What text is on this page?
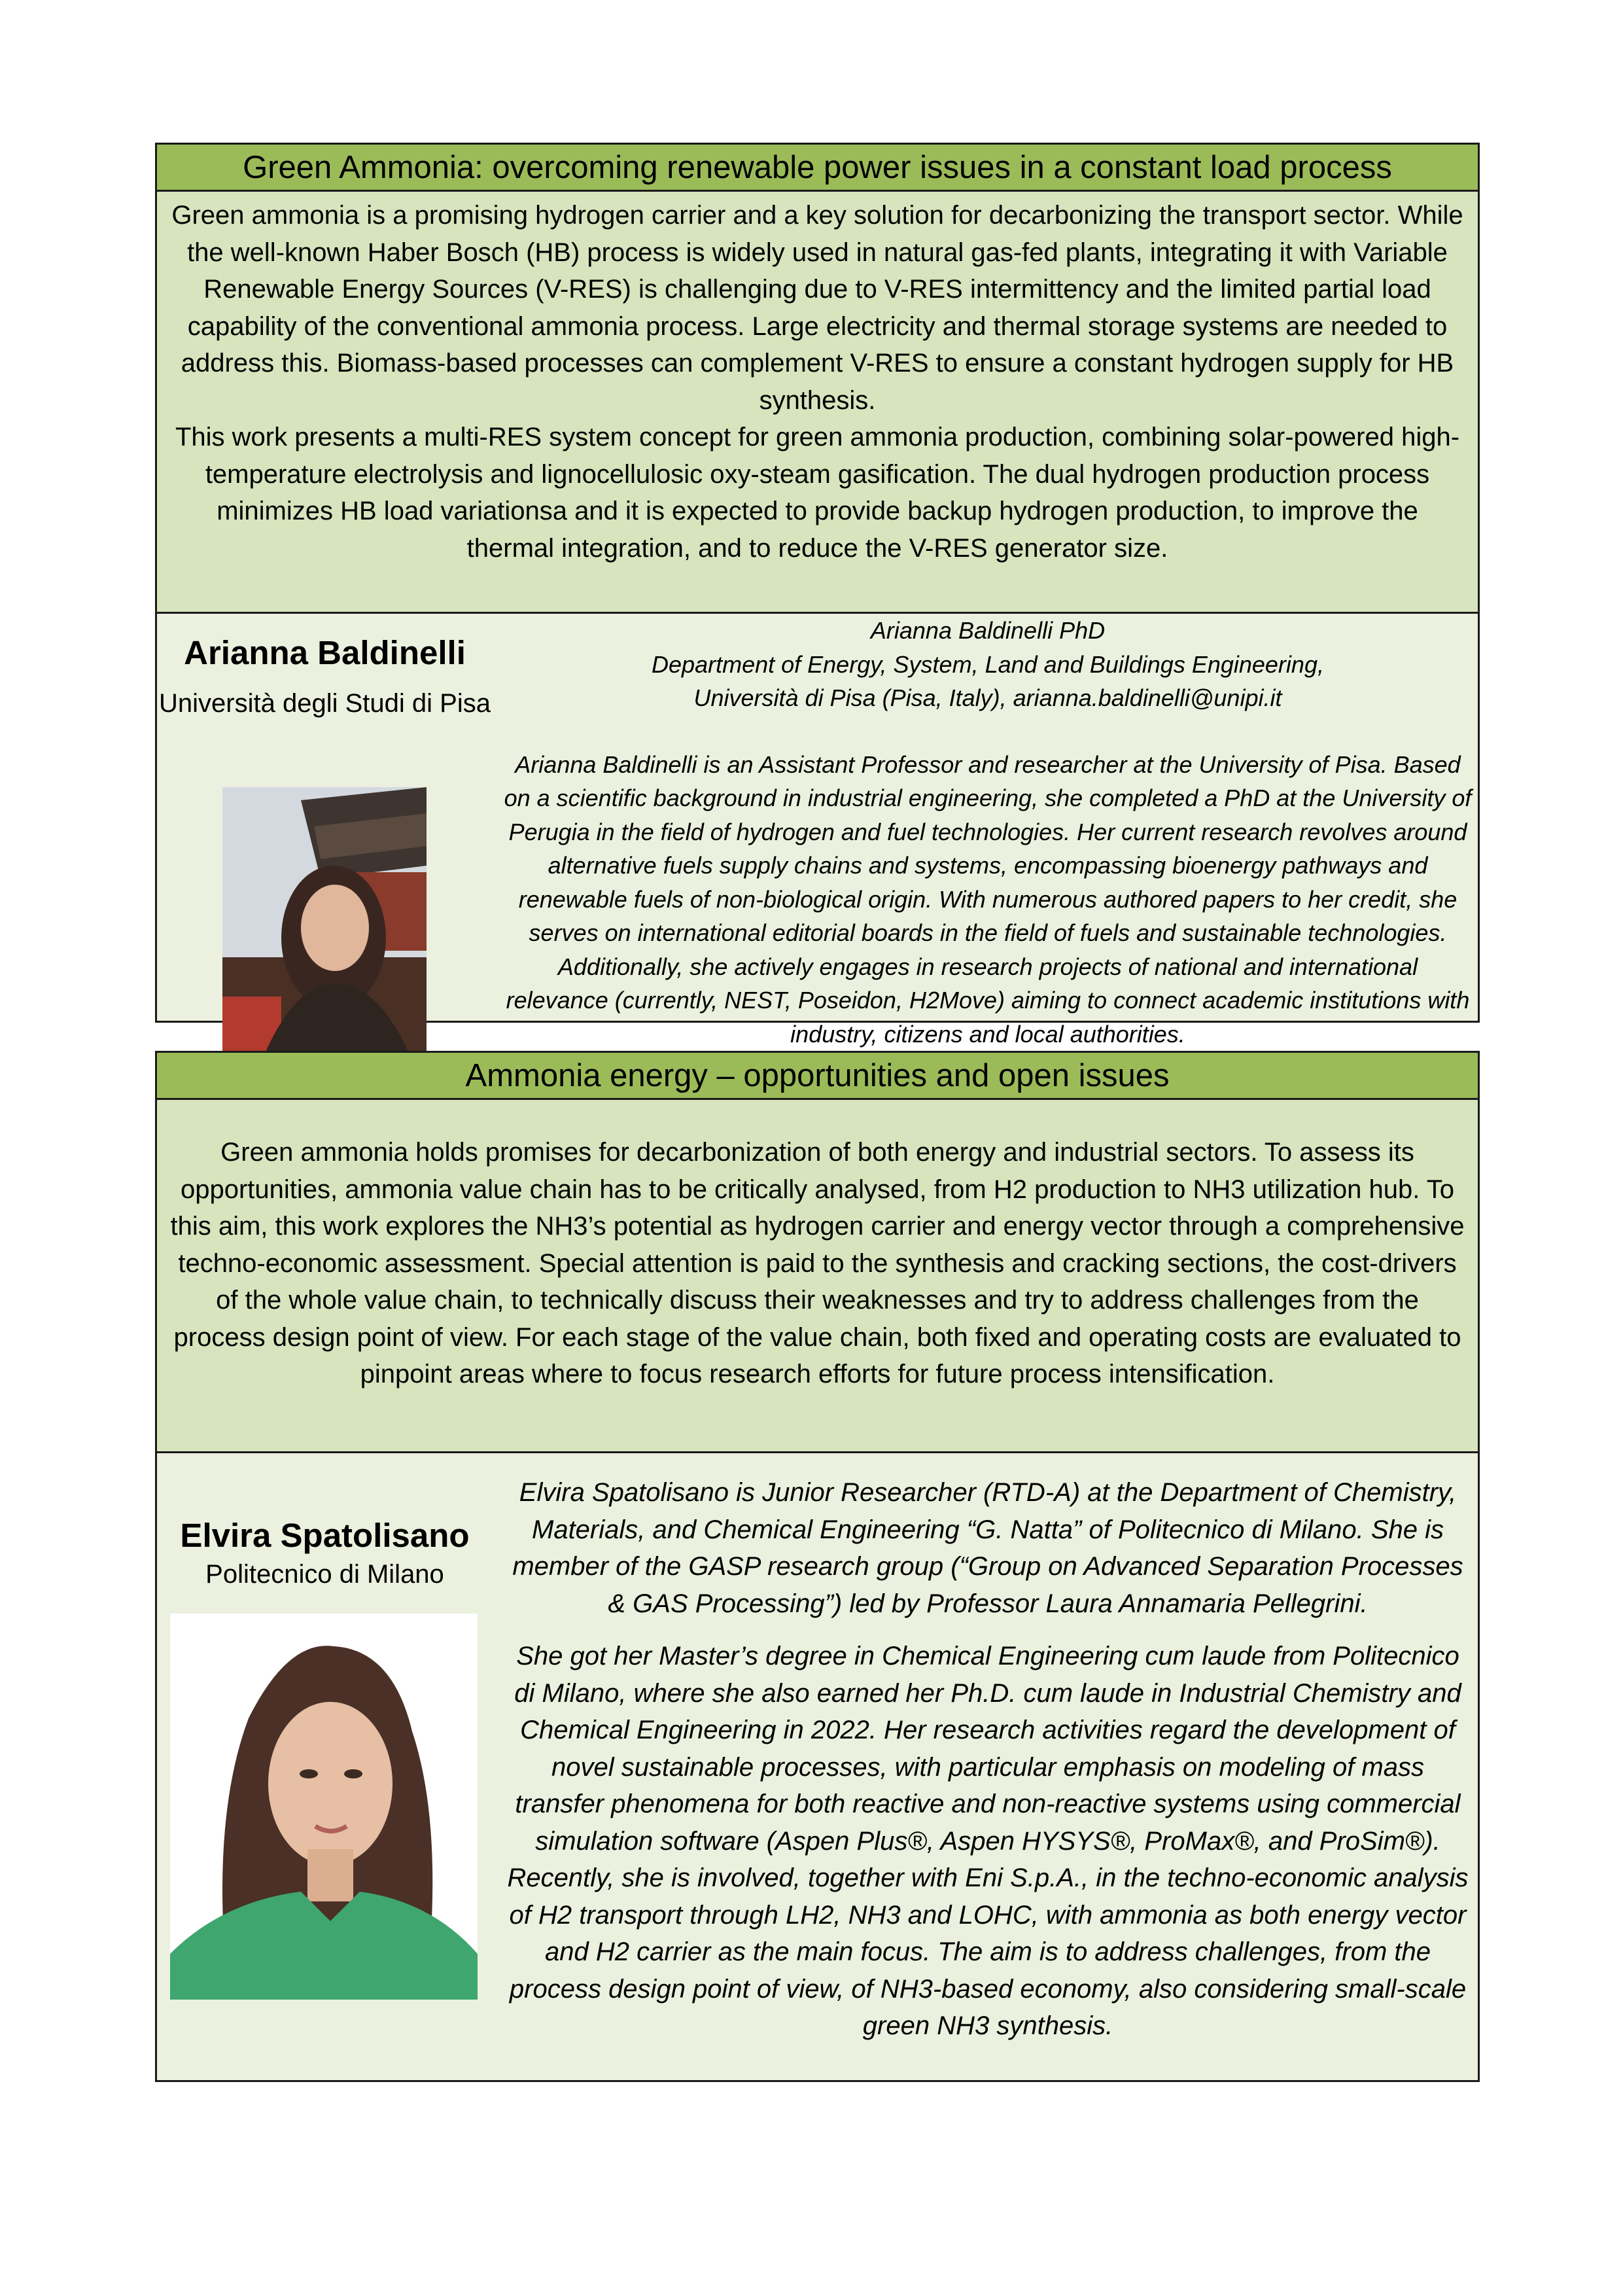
Green Ammonia: overcoming renewable power issues in a constant load process

Green ammonia is a promising hydrogen carrier and a key solution for decarbonizing the transport sector. While the well-known Haber Bosch (HB) process is widely used in natural gas-fed plants, integrating it with Variable Renewable Energy Sources (V-RES) is challenging due to V-RES intermittency and the limited partial load capability of the conventional ammonia process. Large electricity and thermal storage systems are needed to address this. Biomass-based processes can complement V-RES to ensure a constant hydrogen supply for HB synthesis.

This work presents a multi-RES system concept for green ammonia production, combining solar-powered high-temperature electrolysis and lignocellulosic oxy-steam gasification. The dual hydrogen production process minimizes HB load variationsa and it is expected to provide backup hydrogen production, to improve the thermal integration, and to reduce the V-RES generator size.

Arianna Baldinelli
Università degli Studi di Pisa
Arianna Baldinelli PhD
Department of Energy, System, Land and Buildings Engineering,
Università di Pisa (Pisa, Italy), arianna.baldinelli@unipi.it
Arianna Baldinelli is an Assistant Professor and researcher at the University of Pisa. Based on a scientific background in industrial engineering, she completed a PhD at the University of Perugia in the field of hydrogen and fuel technologies. Her current research revolves around alternative fuels supply chains and systems, encompassing bioenergy pathways and renewable fuels of non-biological origin. With numerous authored papers to her credit, she serves on international editorial boards in the field of fuels and sustainable technologies. Additionally, she actively engages in research projects of national and international relevance (currently, NEST, Poseidon, H2Move) aiming to connect academic institutions with industry, citizens and local authorities.
Ammonia energy – opportunities and open issues

Green ammonia holds promises for decarbonization of both energy and industrial sectors. To assess its opportunities, ammonia value chain has to be critically analysed, from H2 production to NH3 utilization hub. To this aim, this work explores the NH3’s potential as hydrogen carrier and energy vector through a comprehensive techno-economic assessment. Special attention is paid to the synthesis and cracking sections, the cost-drivers of the whole value chain, to technically discuss their weaknesses and try to address challenges from the process design point of view. For each stage of the value chain, both fixed and operating costs are evaluated to pinpoint areas where to focus research efforts for future process intensification.

Elvira Spatolisano
Politecnico di Milano

Elvira Spatolisano is Junior Researcher (RTD-A) at the Department of Chemistry, Materials, and Chemical Engineering “G. Natta” of Politecnico di Milano. She is member of the GASP research group (“Group on Advanced Separation Processes & GAS Processing”) led by Professor Laura Annamaria Pellegrini.

She got her Master’s degree in Chemical Engineering cum laude from Politecnico di Milano, where she also earned her Ph.D. cum laude in Industrial Chemistry and Chemical Engineering in 2022. Her research activities regard the development of novel sustainable processes, with particular emphasis on modeling of mass transfer phenomena for both reactive and non-reactive systems using commercial simulation software (Aspen Plus®, Aspen HYSYS®, ProMax®, and ProSim®). Recently, she is involved, together with Eni S.p.A., in the techno-economic analysis of H2 transport through LH2, NH3 and LOHC, with ammonia as both energy vector and H2 carrier as the main focus. The aim is to address challenges, from the process design point of view, of NH3-based economy, also considering small-scale green NH3 synthesis.
